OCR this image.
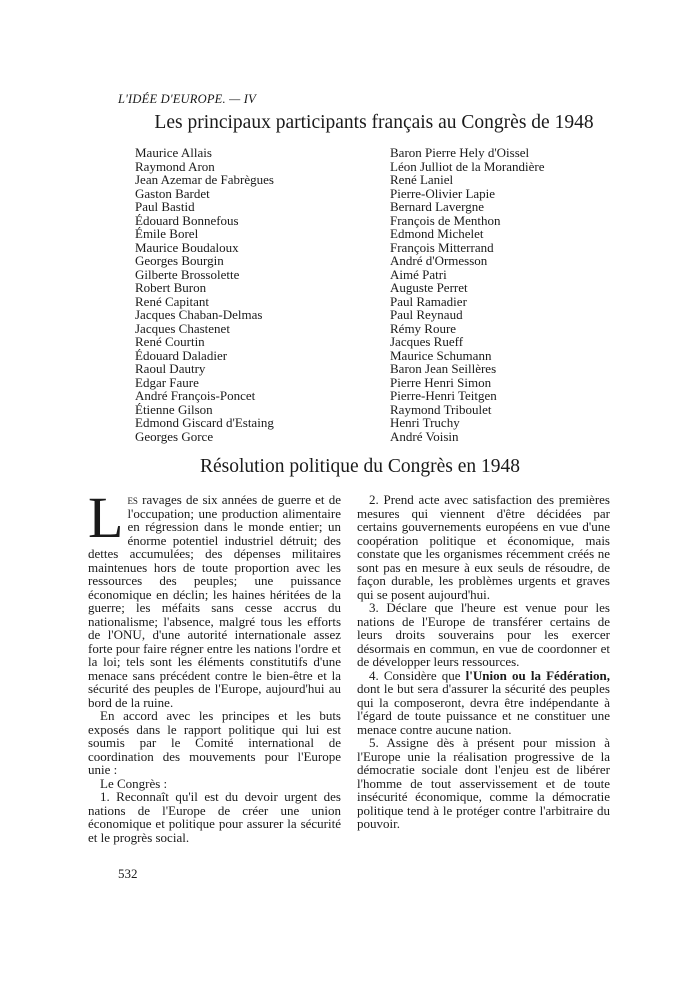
L'IDÉE D'EUROPE. — IV
Les principaux participants français au Congrès de 1948
Maurice Allais
Raymond Aron
Jean Azemar de Fabrègues
Gaston Bardet
Paul Bastid
Édouard Bonnefous
Émile Borel
Maurice Boudaloux
Georges Bourgin
Gilberte Brossolette
Robert Buron
René Capitant
Jacques Chaban-Delmas
Jacques Chastenet
René Courtin
Édouard Daladier
Raoul Dautry
Edgar Faure
André François-Poncet
Étienne Gilson
Edmond Giscard d'Estaing
Georges Gorce
Baron Pierre Hely d'Oissel
Léon Julliot de la Morandière
René Laniel
Pierre-Olivier Lapie
Bernard Lavergne
François de Menthon
Edmond Michelet
François Mitterrand
André d'Ormesson
Aimé Patri
Auguste Perret
Paul Ramadier
Paul Reynaud
Rémy Roure
Jacques Rueff
Maurice Schumann
Baron Jean Seillères
Pierre Henri Simon
Pierre-Henri Teitgen
Raymond Triboulet
Henri Truchy
André Voisin
Résolution politique du Congrès en 1948

Les ravages de six années de guerre et de l'occupation; une production alimentaire en régression dans le monde entier; un énorme potentiel industriel détruit; des dettes accumulées; des dépenses militaires maintenues hors de toute proportion avec les ressources des peuples; une puissance économique en déclin; les haines héritées de la guerre; les méfaits sans cesse accrus du nationalisme; l'absence, malgré tous les efforts de l'ONU, d'une autorité internationale assez forte pour faire régner entre les nations l'ordre et la loi; tels sont les éléments constitutifs d'une menace sans précédent contre le bien-être et la sécurité des peuples de l'Europe, aujourd'hui au bord de la ruine.

En accord avec les principes et les buts exposés dans le rapport politique qui lui est soumis par le Comité international de coordination des mouvements pour l'Europe unie :

Le Congrès :

1. Reconnaît qu'il est du devoir urgent des nations de l'Europe de créer une union économique et politique pour assurer la sécurité et le progrès social.

2. Prend acte avec satisfaction des premières mesures qui viennent d'être décidées par certains gouvernements européens en vue d'une coopération politique et économique, mais constate que les organismes récemment créés ne sont pas en mesure à eux seuls de résoudre, de façon durable, les problèmes urgents et graves qui se posent aujourd'hui.

3. Déclare que l'heure est venue pour les nations de l'Europe de transférer certains de leurs droits souverains pour les exercer désormais en commun, en vue de coordonner et de développer leurs ressources.

4. Considère que l'Union ou la Fédération, dont le but sera d'assurer la sécurité des peuples qui la composeront, devra être indépendante à l'égard de toute puissance et ne constituer une menace contre aucune nation.

5. Assigne dès à présent pour mission à l'Europe unie la réalisation progressive de la démocratie sociale dont l'enjeu est de libérer l'homme de tout asservissement et de toute insécurité économique, comme la démocratie politique tend à le protéger contre l'arbitraire du pouvoir.

532
